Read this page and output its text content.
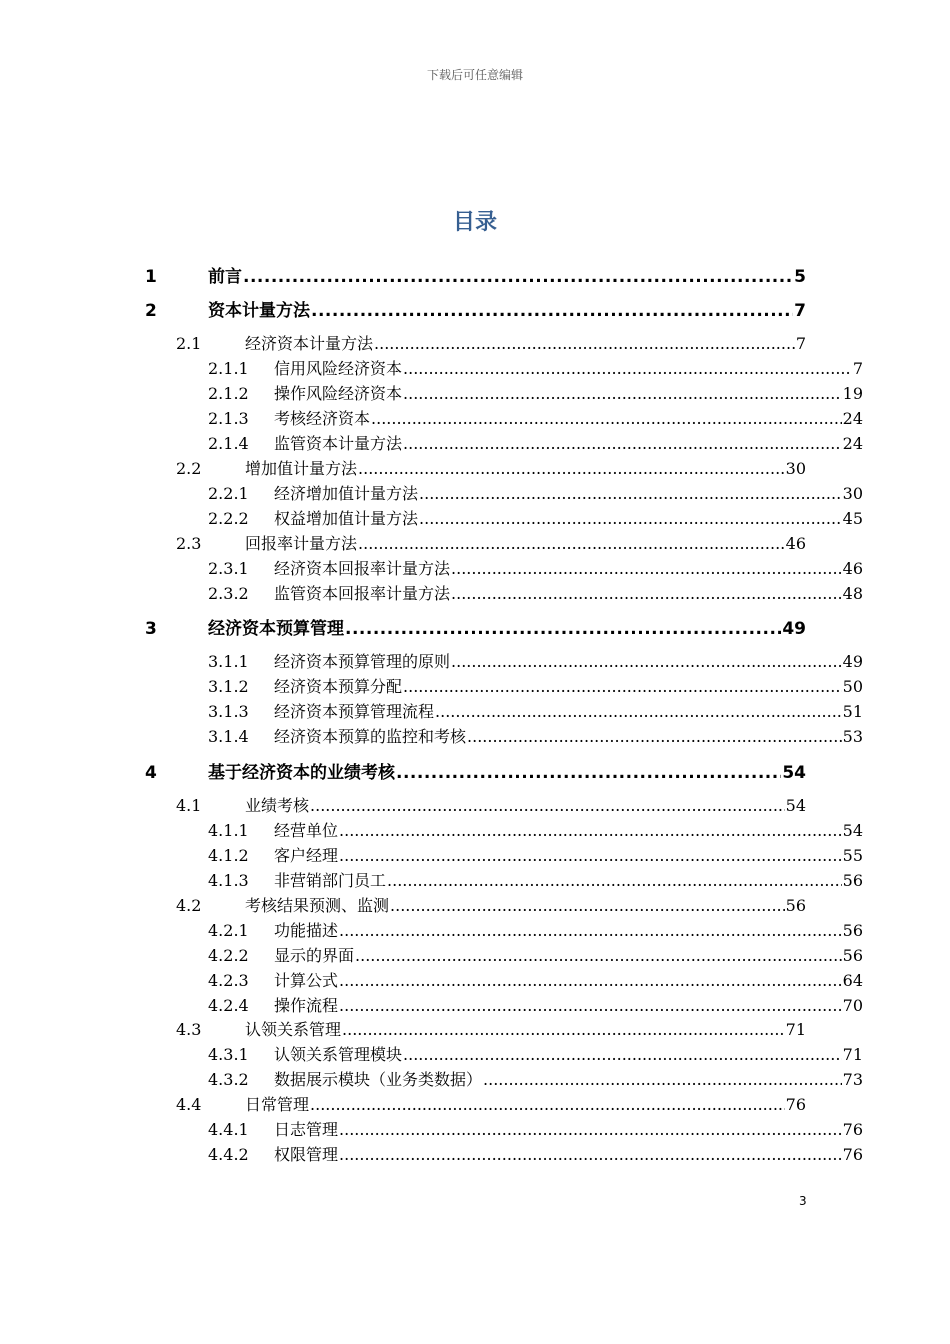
下载后可任意编辑
目录
1	前言 .....	5
2	资本计量方法 .....	7
2.1	经济资本计量方法 .....	7
2.1.1	信用风险经济资本 .....	7
2.1.2	操作风险经济资本 .....	19
2.1.3	考核经济资本 .....	24
2.1.4	监管资本计量方法 .....	24
2.2	增加值计量方法 .....	30
2.2.1	经济增加值计量方法 .....	30
2.2.2	权益增加值计量方法 .....	45
2.3	回报率计量方法 .....	46
2.3.1	经济资本回报率计量方法 .....	46
2.3.2	监管资本回报率计量方法 .....	48
3	经济资本预算管理 .....	49
3.1.1	经济资本预算管理的原则 .....	49
3.1.2	经济资本预算分配 .....	50
3.1.3	经济资本预算管理流程 .....	51
3.1.4	经济资本预算的监控和考核 .....	53
4	基于经济资本的业绩考核 .....	54
4.1	业绩考核 .....	54
4.1.1	经营单位 .....	54
4.1.2	客户经理 .....	55
4.1.3	非营销部门员工 .....	56
4.2	考核结果预测、监测 .....	56
4.2.1	功能描述 .....	56
4.2.2	显示的界面 .....	56
4.2.3	计算公式 .....	64
4.2.4	操作流程 .....	70
4.3	认领关系管理 .....	71
4.3.1	认领关系管理模块 .....	71
4.3.2	数据展示模块（业务类数据） .....	73
4.4	日常管理 .....	76
4.4.1	日志管理 .....	76
4.4.2	权限管理 .....	76
3
